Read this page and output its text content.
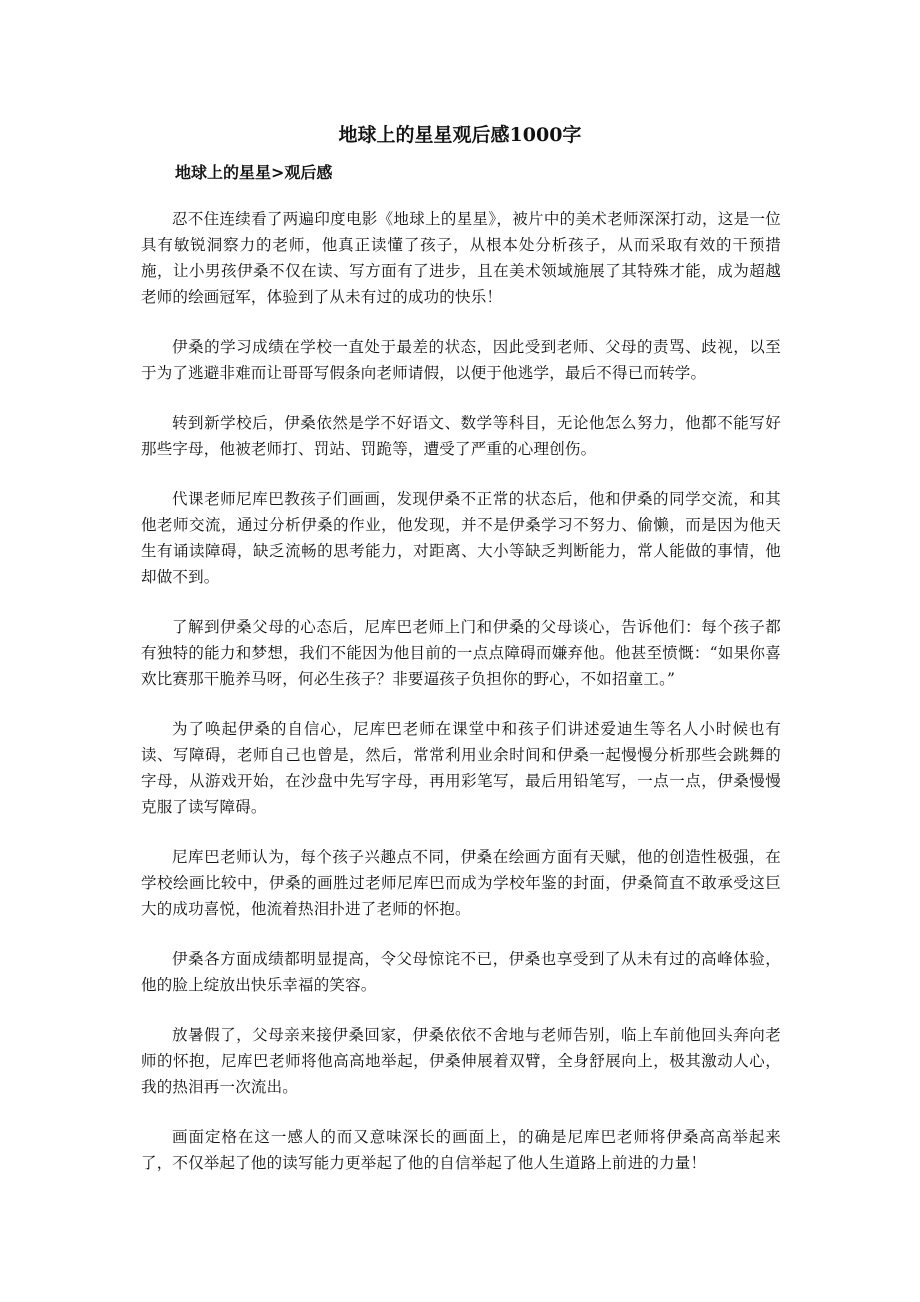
地球上的星星观后感1000字
地球上的星星>观后感

忍不住连续看了两遍印度电影《地球上的星星》，被片中的美术老师深深打动，这是一位具有敏锐洞察力的老师，他真正读懂了孩子，从根本处分析孩子，从而采取有效的干预措施，让小男孩伊桑不仅在读、写方面有了进步，且在美术领域施展了其特殊才能，成为超越老师的绘画冠军，体验到了从未有过的成功的快乐！

伊桑的学习成绩在学校一直处于最差的状态，因此受到老师、父母的责骂、歧视，以至于为了逃避非难而让哥哥写假条向老师请假，以便于他逃学，最后不得已而转学。

转到新学校后，伊桑依然是学不好语文、数学等科目，无论他怎么努力，他都不能写好那些字母，他被老师打、罚站、罚跪等，遭受了严重的心理创伤。

代课老师尼库巴教孩子们画画，发现伊桑不正常的状态后，他和伊桑的同学交流，和其他老师交流，通过分析伊桑的作业，他发现，并不是伊桑学习不努力、偷懒，而是因为他天生有诵读障碍，缺乏流畅的思考能力，对距离、大小等缺乏判断能力，常人能做的事情，他却做不到。

了解到伊桑父母的心态后，尼库巴老师上门和伊桑的父母谈心，告诉他们：每个孩子都有独特的能力和梦想，我们不能因为他目前的一点点障碍而嫌弃他。他甚至愤慨：“如果你喜欢比赛那干脆养马呀，何必生孩子？非要逼孩子负担你的野心，不如招童工。”

为了唤起伊桑的自信心，尼库巴老师在课堂中和孩子们讲述爱迪生等名人小时候也有读、写障碍，老师自己也曾是，然后，常常利用业余时间和伊桑一起慢慢分析那些会跳舞的字母，从游戏开始，在沙盘中先写字母，再用彩笔写，最后用铅笔写，一点一点，伊桑慢慢克服了读写障碍。

尼库巴老师认为，每个孩子兴趣点不同，伊桑在绘画方面有天赋，他的创造性极强，在学校绘画比较中，伊桑的画胜过老师尼库巴而成为学校年鉴的封面，伊桑简直不敢承受这巨大的成功喜悦，他流着热泪扑进了老师的怀抱。

伊桑各方面成绩都明显提高，令父母惊诧不已，伊桑也享受到了从未有过的高峰体验，他的脸上绽放出快乐幸福的笑容。

放暑假了，父母亲来接伊桑回家，伊桑依依不舍地与老师告别，临上车前他回头奔向老师的怀抱，尼库巴老师将他高高地举起，伊桑伸展着双臂，全身舒展向上，极其激动人心，我的热泪再一次流出。

画面定格在这一感人的而又意味深长的画面上，的确是尼库巴老师将伊桑高高举起来了，不仅举起了他的读写能力更举起了他的自信举起了他人生道路上前进的力量！
